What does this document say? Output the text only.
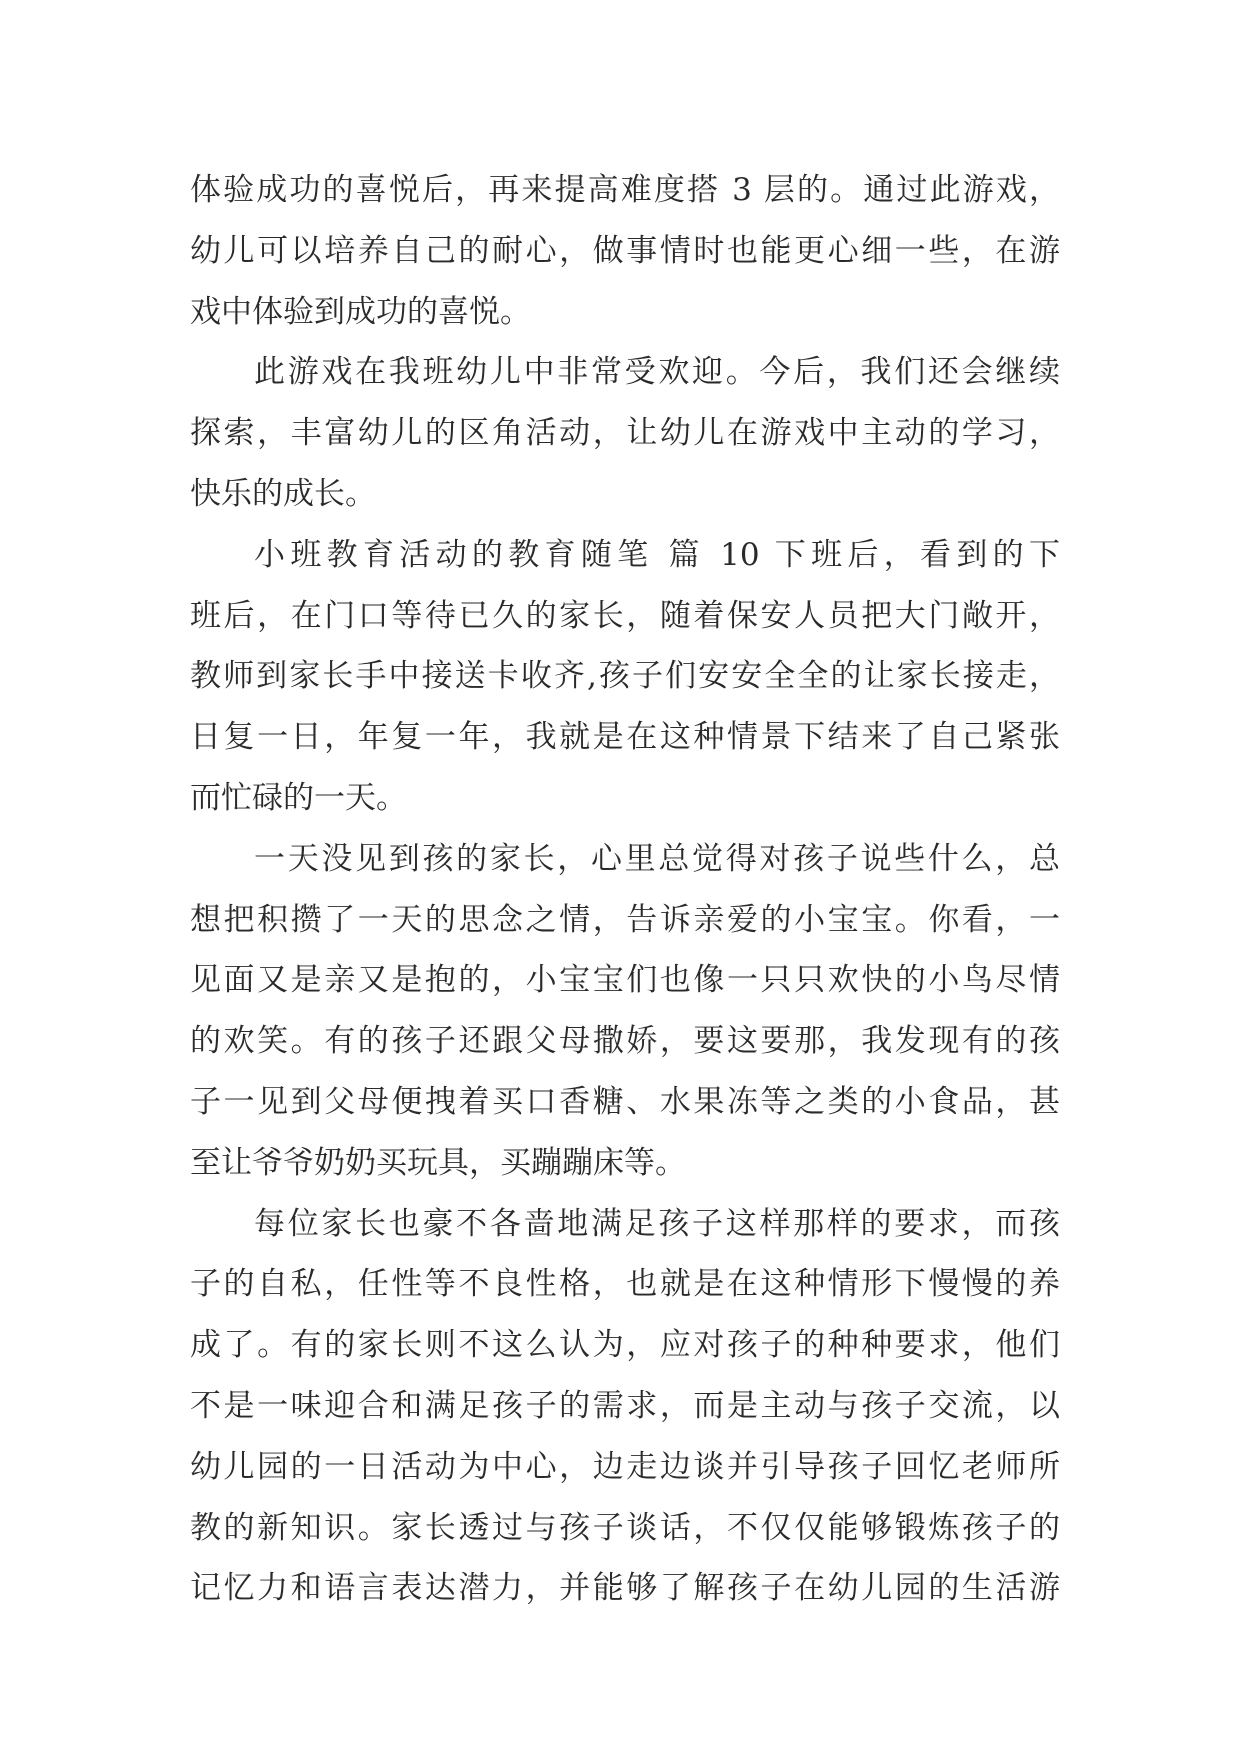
体验成功的喜悦后，再来提高难度搭 3 层的。通过此游戏，
幼儿可以培养自己的耐心，做事情时也能更心细一些，在游
戏中体验到成功的喜悦。
此游戏在我班幼儿中非常受欢迎。今后，我们还会继续
探索，丰富幼儿的区角活动，让幼儿在游戏中主动的学习，
快乐的成长。
小班教育活动的教育随笔 篇 10 下班后，看到的下
班后，在门口等待已久的家长，随着保安人员把大门敞开，
教师到家长手中接送卡收齐,孩子们安安全全的让家长接走，
日复一日，年复一年，我就是在这种情景下结来了自己紧张
而忙碌的一天。
一天没见到孩的家长，心里总觉得对孩子说些什么，总
想把积攒了一天的思念之情，告诉亲爱的小宝宝。你看，一
见面又是亲又是抱的，小宝宝们也像一只只欢快的小鸟尽情
的欢笑。有的孩子还跟父母撒娇，要这要那，我发现有的孩
子一见到父母便拽着买口香糖、水果冻等之类的小食品，甚
至让爷爷奶奶买玩具，买蹦蹦床等。
每位家长也豪不各啬地满足孩子这样那样的要求，而孩
子的自私，任性等不良性格，也就是在这种情形下慢慢的养
成了。有的家长则不这么认为，应对孩子的种种要求，他们
不是一味迎合和满足孩子的需求，而是主动与孩子交流，以
幼儿园的一日活动为中心，边走边谈并引导孩子回忆老师所
教的新知识。家长透过与孩子谈话，不仅仅能够锻炼孩子的
记忆力和语言表达潜力，并能够了解孩子在幼儿园的生活游
